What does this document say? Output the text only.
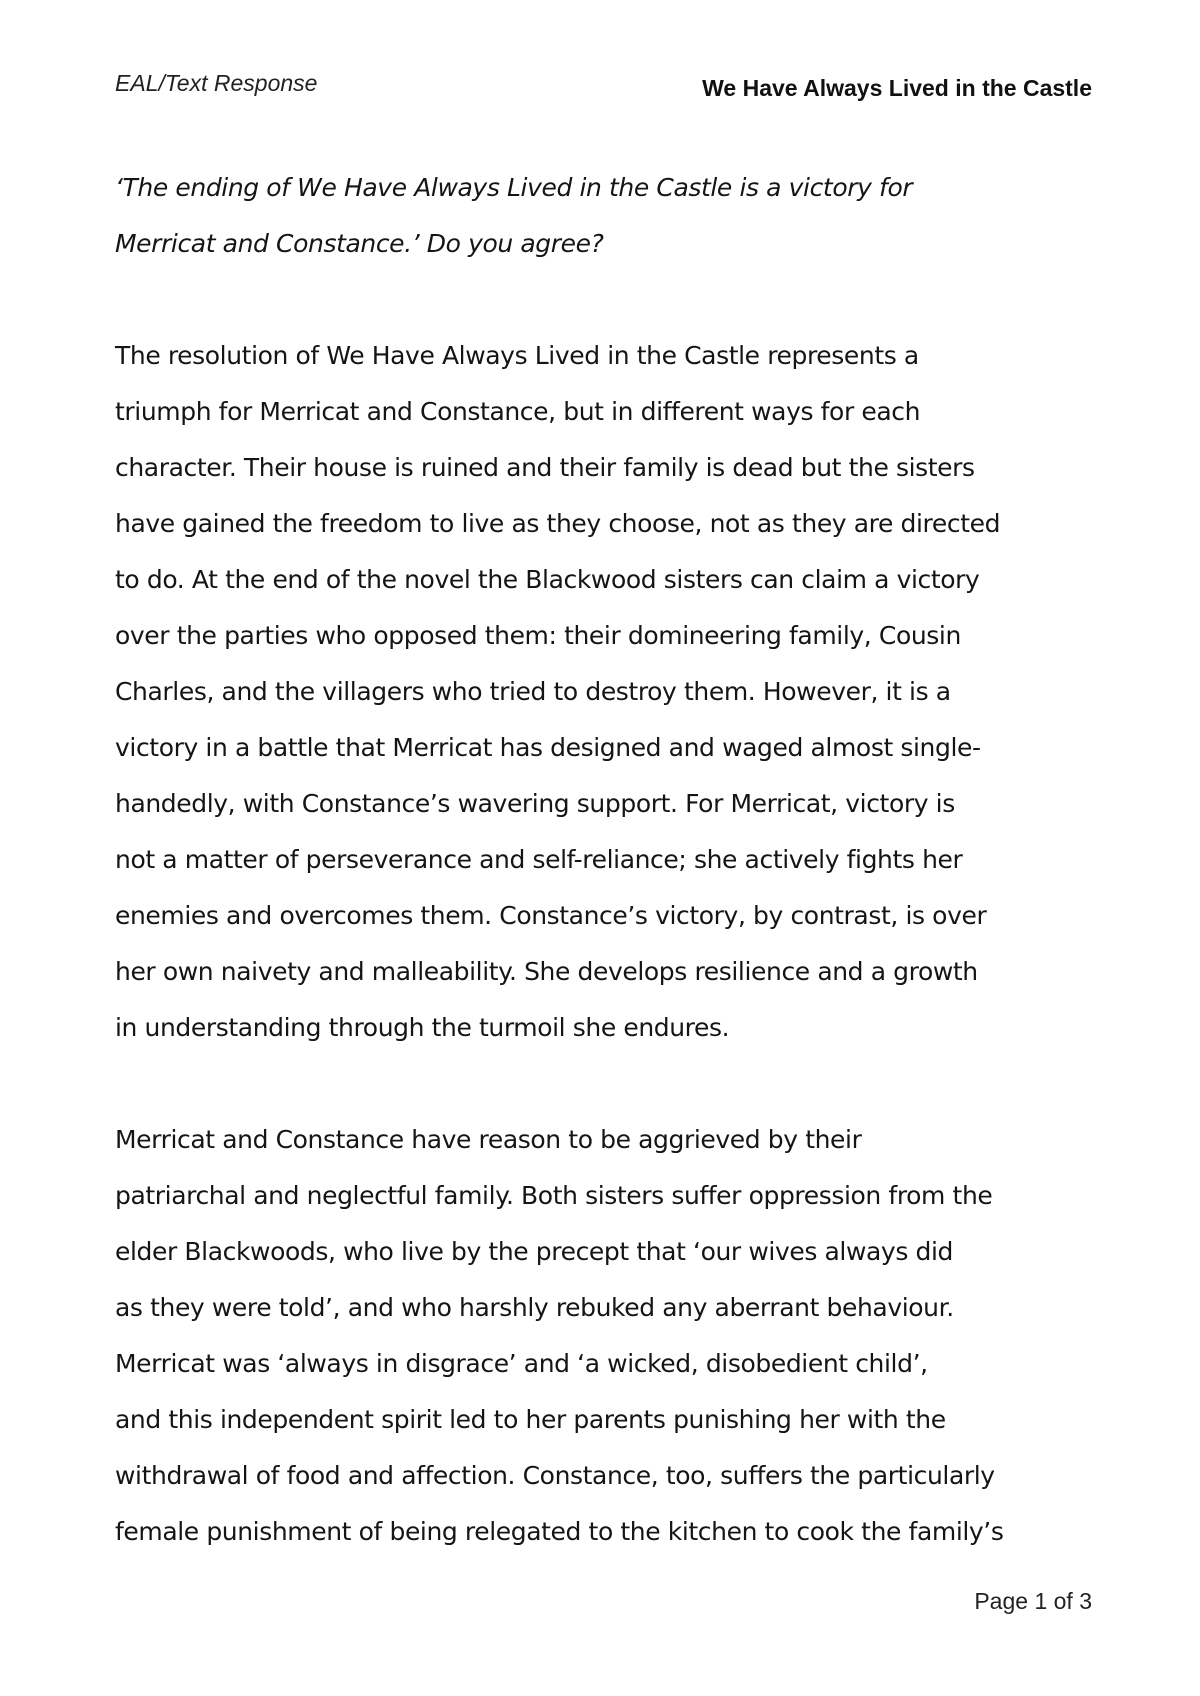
EAL/Text Response	We Have Always Lived in the Castle
‘The ending of We Have Always Lived in the Castle is a victory for
Merricat and Constance.’ Do you agree?
The resolution of We Have Always Lived in the Castle represents a
triumph for Merricat and Constance, but in different ways for each
character. Their house is ruined and their family is dead but the sisters
have gained the freedom to live as they choose, not as they are directed
to do. At the end of the novel the Blackwood sisters can claim a victory
over the parties who opposed them: their domineering family, Cousin
Charles, and the villagers who tried to destroy them. However, it is a
victory in a battle that Merricat has designed and waged almost single-
handedly, with Constance’s wavering support. For Merricat, victory is
not a matter of perseverance and self-reliance; she actively fights her
enemies and overcomes them. Constance’s victory, by contrast, is over
her own naivety and malleability. She develops resilience and a growth
in understanding through the turmoil she endures.
Merricat and Constance have reason to be aggrieved by their
patriarchal and neglectful family. Both sisters suffer oppression from the
elder Blackwoods, who live by the precept that ‘our wives always did
as they were told’, and who harshly rebuked any aberrant behaviour.
Merricat was ‘always in disgrace’ and ‘a wicked, disobedient child’,
and this independent spirit led to her parents punishing her with the
withdrawal of food and affection. Constance, too, suffers the particularly
female punishment of being relegated to the kitchen to cook the family’s
Page 1 of 3
